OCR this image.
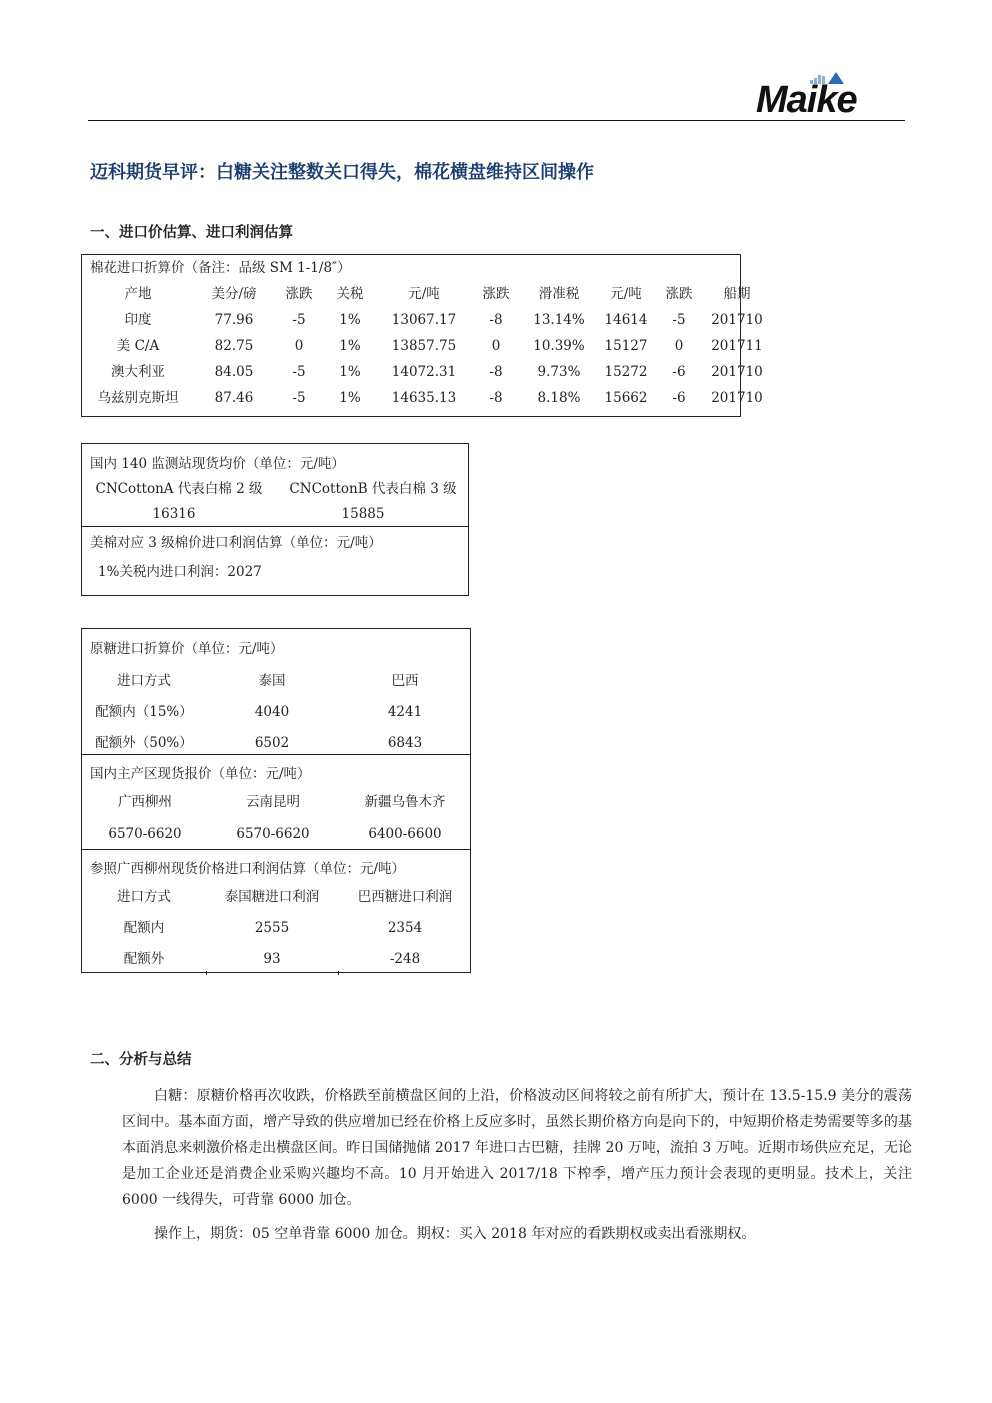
Maike
迈科期货早评：白糖关注整数关口得失，棉花横盘维持区间操作
一、进口价估算、进口利润估算
棉花进口折算价（备注：品级 SM 1-1/8″）
产地	美分/磅	涨跌	关税	元/吨	涨跌	滑准税	元/吨	涨跌	船期
印度	77.96	-5	1%	13067.17	-8	13.14%	14614	-5	201710
美 C/A	82.75	0	1%	13857.75	0	10.39%	15127	0	201711
澳大利亚	84.05	-5	1%	14072.31	-8	9.73%	15272	-6	201710
乌兹别克斯坦	87.46	-5	1%	14635.13	-8	8.18%	15662	-6	201710
国内 140 监测站现货均价（单位：元/吨）
CNCottonA 代表白棉 2 级	CNCottonB 代表白棉 3 级
16316	15885
美棉对应 3 级棉价进口利润估算（单位：元/吨）
1%关税内进口利润：2027
原糖进口折算价（单位：元/吨）
进口方式	泰国	巴西
配额内（15%）	4040	4241
配额外（50%）	6502	6843
国内主产区现货报价（单位：元/吨）
广西柳州	云南昆明	新疆乌鲁木齐
6570-6620	6570-6620	6400-6600
参照广西柳州现货价格进口利润估算（单位：元/吨）
进口方式	泰国糖进口利润	巴西糖进口利润
配额内	2555	2354
配额外	93	-248
二、分析与总结
白糖：原糖价格再次收跌，价格跌至前横盘区间的上沿，价格波动区间将较之前有所扩大，预计在 13.5-15.9 美分的震荡区间中。基本面方面，增产导致的供应增加已经在价格上反应多时，虽然长期价格方向是向下的，中短期价格走势需要等多的基本面消息来刺激价格走出横盘区间。昨日国储抛储 2017 年进口古巴糖，挂牌 20 万吨，流拍 3 万吨。近期市场供应充足，无论是加工企业还是消费企业采购兴趣均不高。10 月开始进入 2017/18 下榨季，增产压力预计会表现的更明显。技术上，关注 6000 一线得失，可背靠 6000 加仓。
操作上，期货：05 空单背靠 6000 加仓。期权：买入 2018 年对应的看跌期权或卖出看涨期权。
